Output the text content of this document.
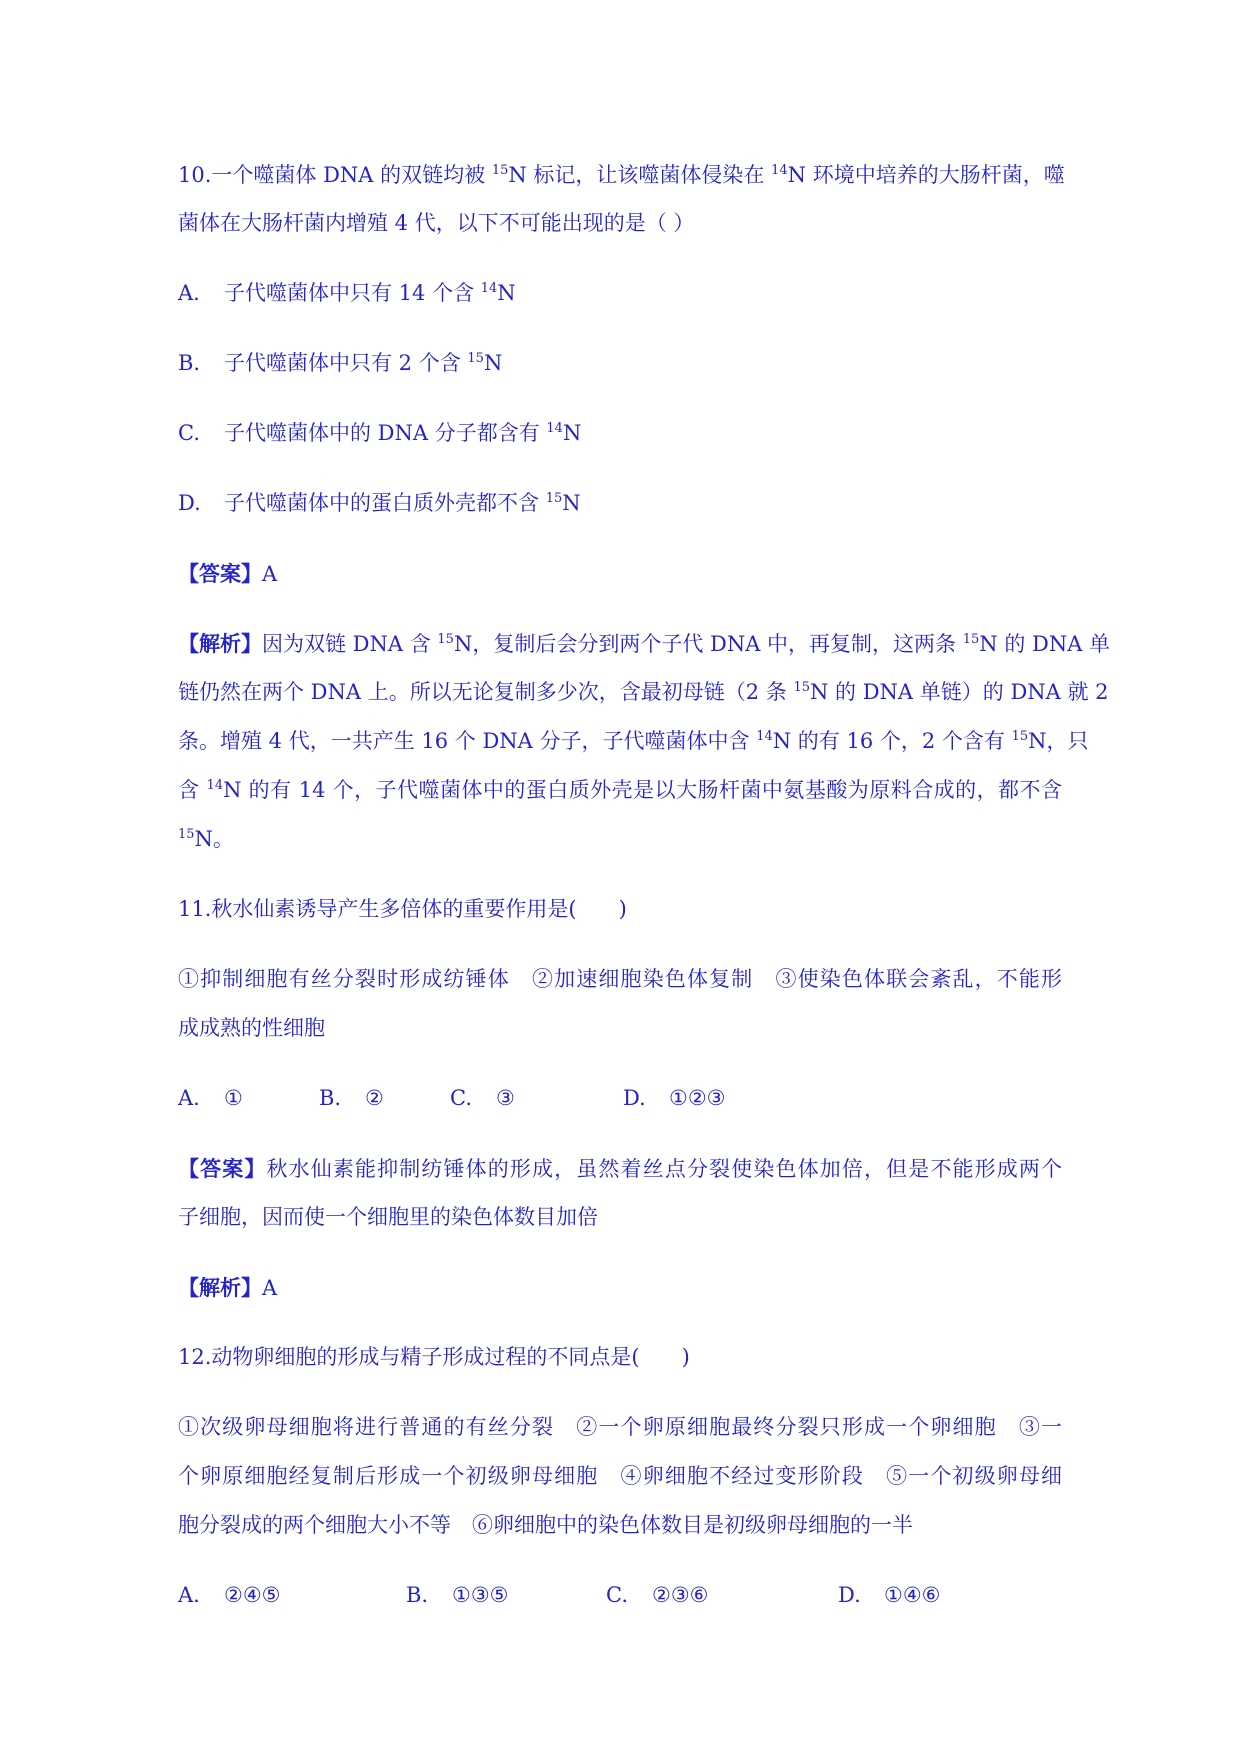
10.一个噬菌体 DNA 的双链均被 $^{15}$N 标记，让该噬菌体侵染在 $^{14}$N 环境中培养的大肠杆菌，噬
菌体在大肠杆菌内增殖 4 代，以下不可能出现的是（ ）
A. 子代噬菌体中只有 14 个含 $^{14}$N
B. 子代噬菌体中只有 2 个含 $^{15}$N
C. 子代噬菌体中的 DNA 分子都含有 $^{14}$N
D. 子代噬菌体中的蛋白质外壳都不含 $^{15}$N
【答案】A
【解析】因为双链 DNA 含 $^{15}$N，复制后会分到两个子代 DNA 中，再复制，这两条 $^{15}$N 的 DNA 单
链仍然在两个 DNA 上。所以无论复制多少次，含最初母链（2 条 $^{15}$N 的 DNA 单链）的 DNA 就 2
条。增殖 4 代，一共产生 16 个 DNA 分子，子代噬菌体中含 $^{14}$N 的有 16 个，2 个含有 $^{15}$N，只
含 $^{14}$N 的有 14 个，子代噬菌体中的蛋白质外壳是以大肠杆菌中氨基酸为原料合成的，都不含
$^{15}$N。
11.秋水仙素诱导产生多倍体的重要作用是(　　)
①抑制细胞有丝分裂时形成纺锤体　②加速细胞染色体复制　③使染色体联会紊乱，不能形
成成熟的性细胞
A. ①	B. ②	C. ③	D. ①②③
【答案】秋水仙素能抑制纺锤体的形成，虽然着丝点分裂使染色体加倍，但是不能形成两个
子细胞，因而使一个细胞里的染色体数目加倍
【解析】A
12.动物卵细胞的形成与精子形成过程的不同点是(　　)
①次级卵母细胞将进行普通的有丝分裂　②一个卵原细胞最终分裂只形成一个卵细胞　③一
个卵原细胞经复制后形成一个初级卵母细胞　④卵细胞不经过变形阶段　⑤一个初级卵母细
胞分裂成的两个细胞大小不等　⑥卵细胞中的染色体数目是初级卵母细胞的一半
A. ②④⑤	B. ①③⑤	C. ②③⑥	D. ①④⑥
